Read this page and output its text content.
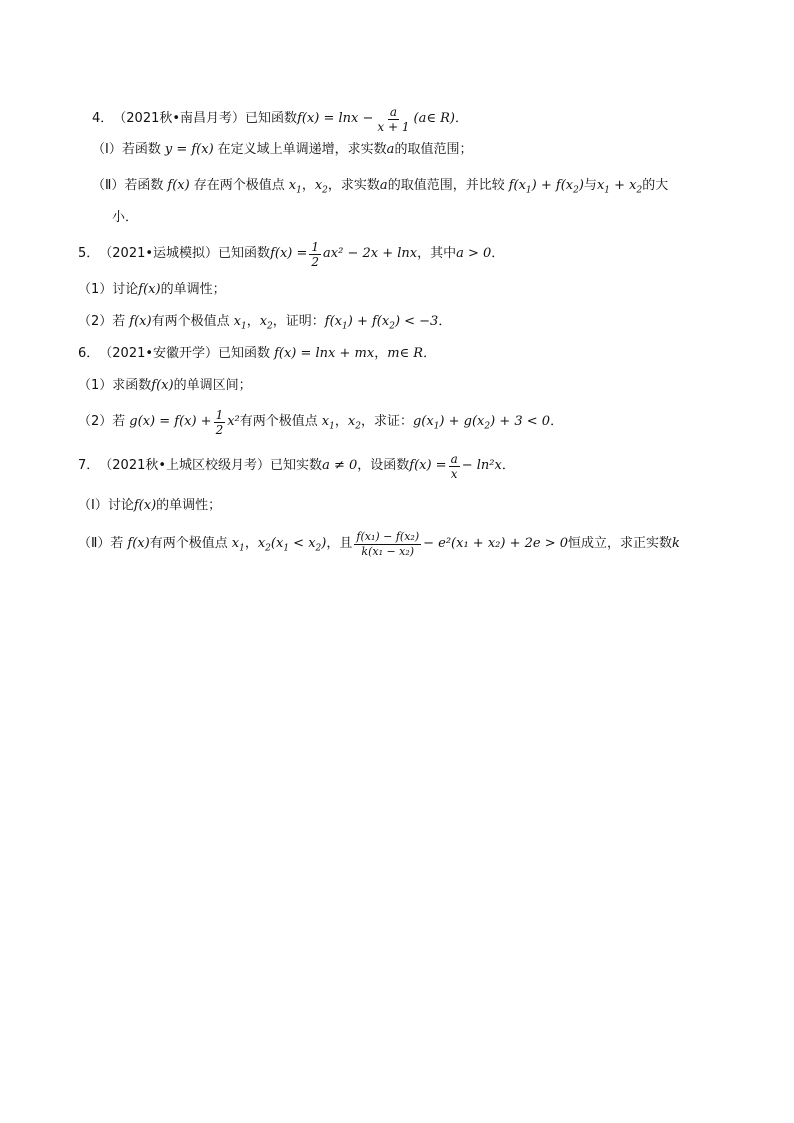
4． （2021秋•南昌月考） 已知函数 $f(x) = \ln x - \frac{a}{x + 1}$ (a∈ R) ．
（Ⅰ） 若函数 y = f(x) 在定义域上单调递增，求实数 a 的取值范围；
（Ⅱ） 若函数 f(x) 存在两个极值点 $x_1$ ， $x_2$ ，求实数 a 的取值范围，并比较 $f(x_1) + f(x_2)$ 与 $x_1 + x_2$ 的大
小．
5． （2021•运城模拟） 已知函数 $f(x) = \frac{1}{2} ax^2 - 2x + \ln x$ ，其中 a > 0 ．
（1） 讨论 f(x) 的单调性；
（2） 若 f(x) 有两个极值点 $x_1$ ， $x_2$ ，证明： $f(x_1) + f(x_2) < -3$ ．
6． （2021•安徽开学） 已知函数 f(x) = lnx + mx ， m∈ R ．
（1） 求函数 f(x) 的单调区间；
（2） 若 $g(x) = f(x) + \frac{1}{2} x^2$ 有两个极值点 $x_1$ ， $x_2$ ，求证： $g(x_1) + g(x_2) + 3 < 0$ ．
7． （2021秋•上城区校级月考） 已知实数 a ≠ 0 ，设函数 $f(x) = \frac{a}{x} - \ln^2x$ ．
（Ⅰ） 讨论 f(x) 的单调性；
（Ⅱ） 若 f(x) 有两个极值点 $x_1$ ， $x_2(x_1 < x_2)$ ，且 $\frac{\text{f(x₁) − f(x₂)}}{\text{k(x₁ − x₂)}} - e^2(x_1 + x_2) + 2e > 0$ 恒成立，求正实数 k
